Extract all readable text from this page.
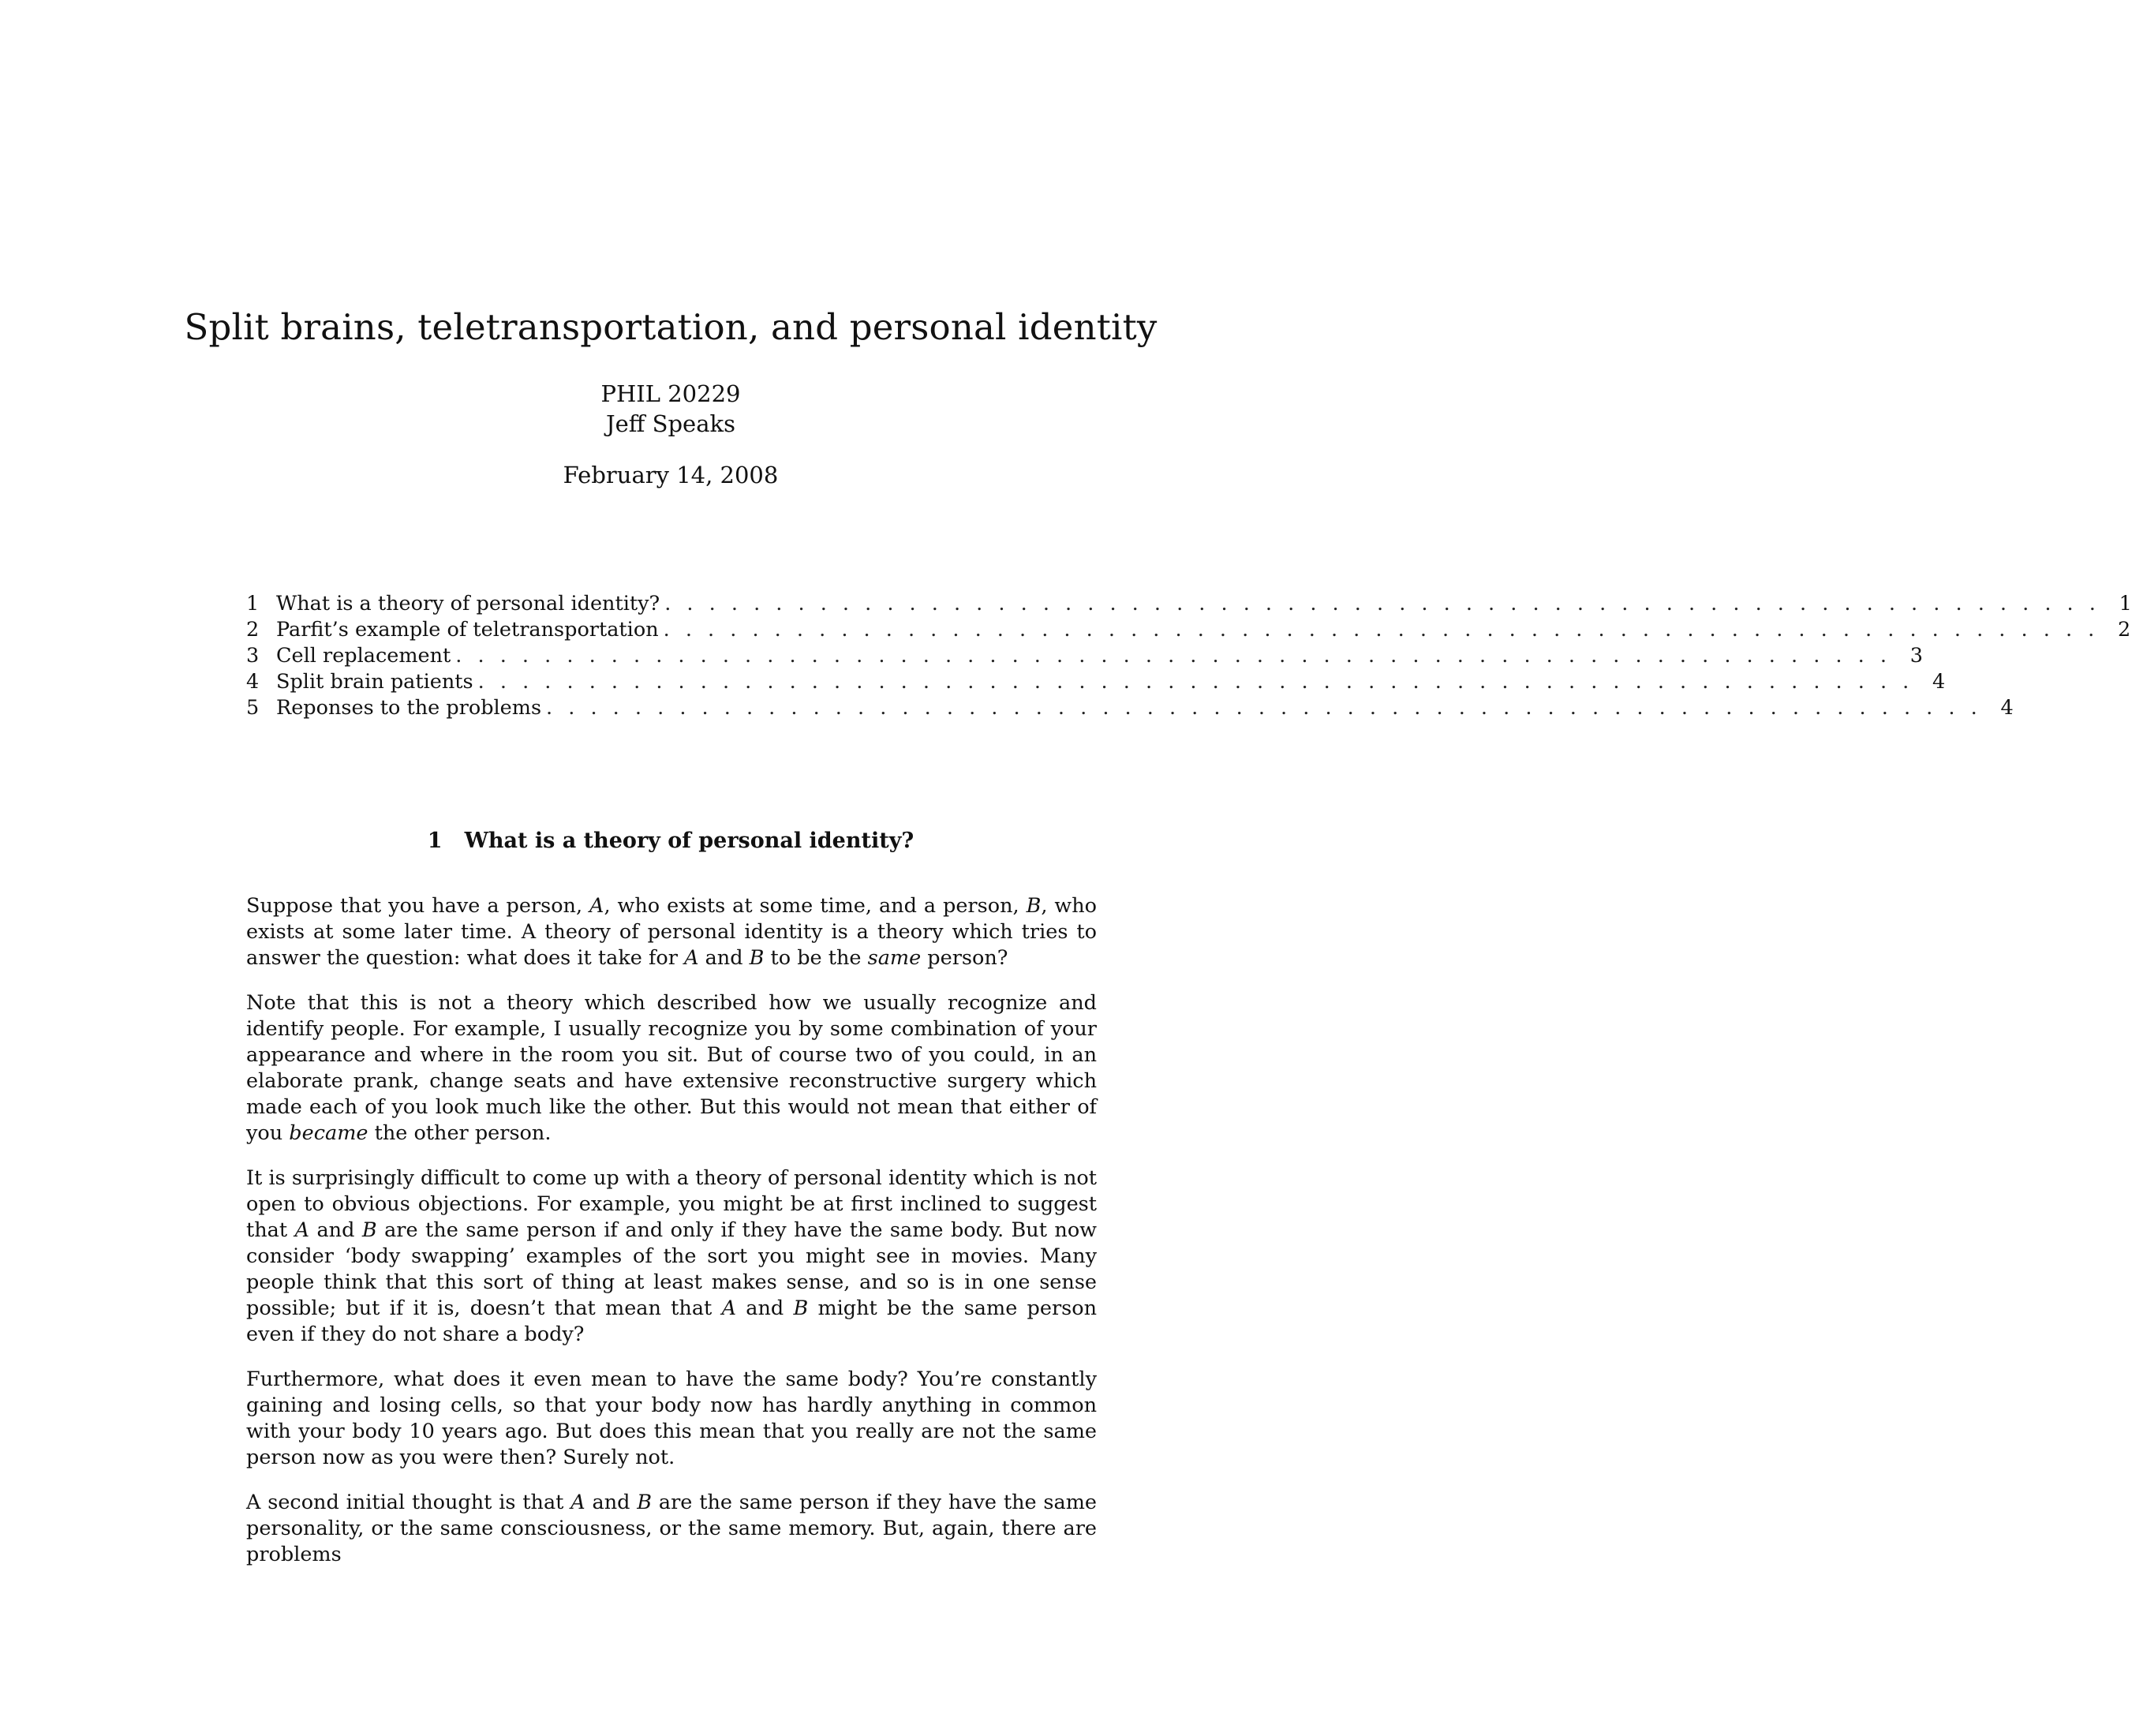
Split brains, teletransportation, and personal identity
PHIL 20229
Jeff Speaks
February 14, 2008
1 What is a theory of personal identity? . . . . . . . . . . . . . . . . . . . . . . . . . . . . . . . . . . . . . . . . . . . . . . . . . . . . . . . . . . . . . . . . . 1
2 Parfit’s example of teletransportation . . . . . . . . . . . . . . . . . . . . . . . . . . . . . . . . . . . . . . . . . . . . . . . . . . . . . . . . . . . . . . . . . 2
3 Cell replacement . . . . . . . . . . . . . . . . . . . . . . . . . . . . . . . . . . . . . . . . . . . . . . . . . . . . . . . . . . . . . . . . . 3
4 Split brain patients . . . . . . . . . . . . . . . . . . . . . . . . . . . . . . . . . . . . . . . . . . . . . . . . . . . . . . . . . . . . . . . . . 4
5 Reponses to the problems . . . . . . . . . . . . . . . . . . . . . . . . . . . . . . . . . . . . . . . . . . . . . . . . . . . . . . . . . . . . . . . . . 4
1 What is a theory of personal identity?

Suppose that you have a person, A, who exists at some time, and a person, B, who exists at some later time. A theory of personal identity is a theory which tries to answer the question: what does it take for A and B to be the same person?

Note that this is not a theory which described how we usually recognize and identify people. For example, I usually recognize you by some combination of your appearance and where in the room you sit. But of course two of you could, in an elaborate prank, change seats and have extensive reconstructive surgery which made each of you look much like the other. But this would not mean that either of you became the other person.

It is surprisingly difficult to come up with a theory of personal identity which is not open to obvious objections. For example, you might be at first inclined to suggest that A and B are the same person if and only if they have the same body. But now consider ‘body swapping’ examples of the sort you might see in movies. Many people think that this sort of thing at least makes sense, and so is in one sense possible; but if it is, doesn’t that mean that A and B might be the same person even if they do not share a body?

Furthermore, what does it even mean to have the same body? You’re constantly gaining and losing cells, so that your body now has hardly anything in common with your body 10 years ago. But does this mean that you really are not the same person now as you were then? Surely not.

A second initial thought is that A and B are the same person if they have the same personality, or the same consciousness, or the same memory. But, again, there are problems
